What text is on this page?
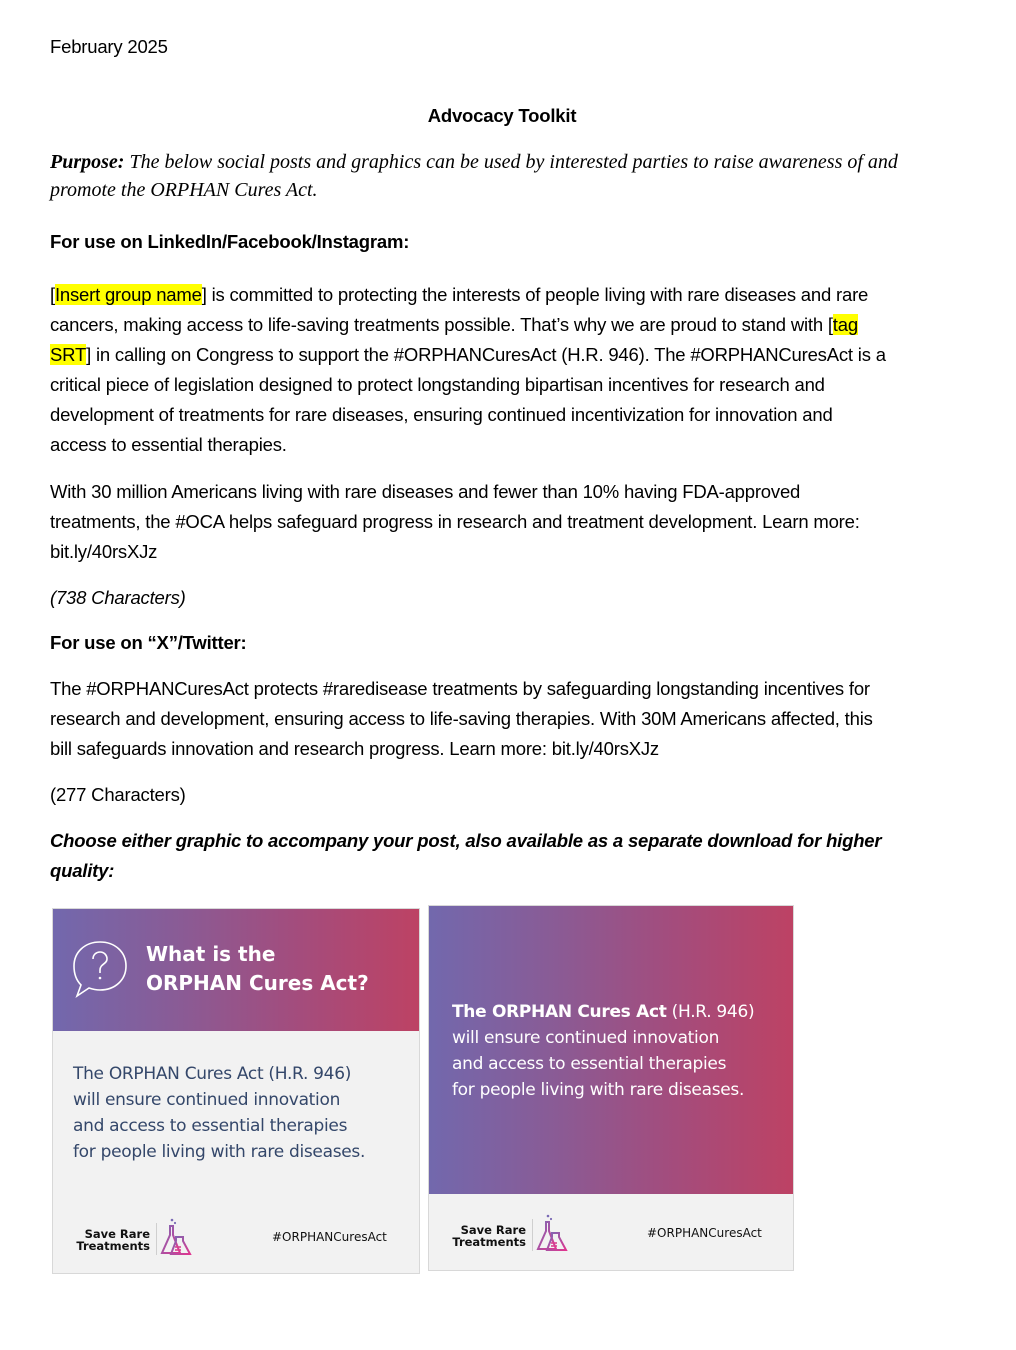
February 2025
Advocacy Toolkit
Purpose: The below social posts and graphics can be used by interested parties to raise awareness of and
promote the ORPHAN Cures Act.
For use on LinkedIn/Facebook/Instagram:
[Insert group name] is committed to protecting the interests of people living with rare diseases and rare
cancers, making access to life-saving treatments possible. That’s why we are proud to stand with [tag
SRT] in calling on Congress to support the #ORPHANCuresAct (H.R. 946). The #ORPHANCuresAct is a
critical piece of legislation designed to protect longstanding bipartisan incentives for research and
development of treatments for rare diseases, ensuring continued incentivization for innovation and
access to essential therapies.
With 30 million Americans living with rare diseases and fewer than 10% having FDA-approved
treatments, the #OCA helps safeguard progress in research and treatment development. Learn more:
bit.ly/40rsXJz
(738 Characters)
For use on “X”/Twitter:
The #ORPHANCuresAct protects #raredisease treatments by safeguarding longstanding incentives for
research and development, ensuring access to life-saving therapies. With 30M Americans affected, this
bill safeguards innovation and research progress. Learn more: bit.ly/40rsXJz
(277 Characters)
Choose either graphic to accompany your post, also available as a separate download for higher
quality:
What is the
ORPHAN Cures Act?
The ORPHAN Cures Act (H.R. 946)
will ensure continued innovation
and access to essential therapies
for people living with rare diseases.
Save Rare
Treatments
#ORPHANCuresAct
The ORPHAN Cures Act (H.R. 946)
will ensure continued innovation
and access to essential therapies
for people living with rare diseases.
Save Rare
Treatments
#ORPHANCuresAct
